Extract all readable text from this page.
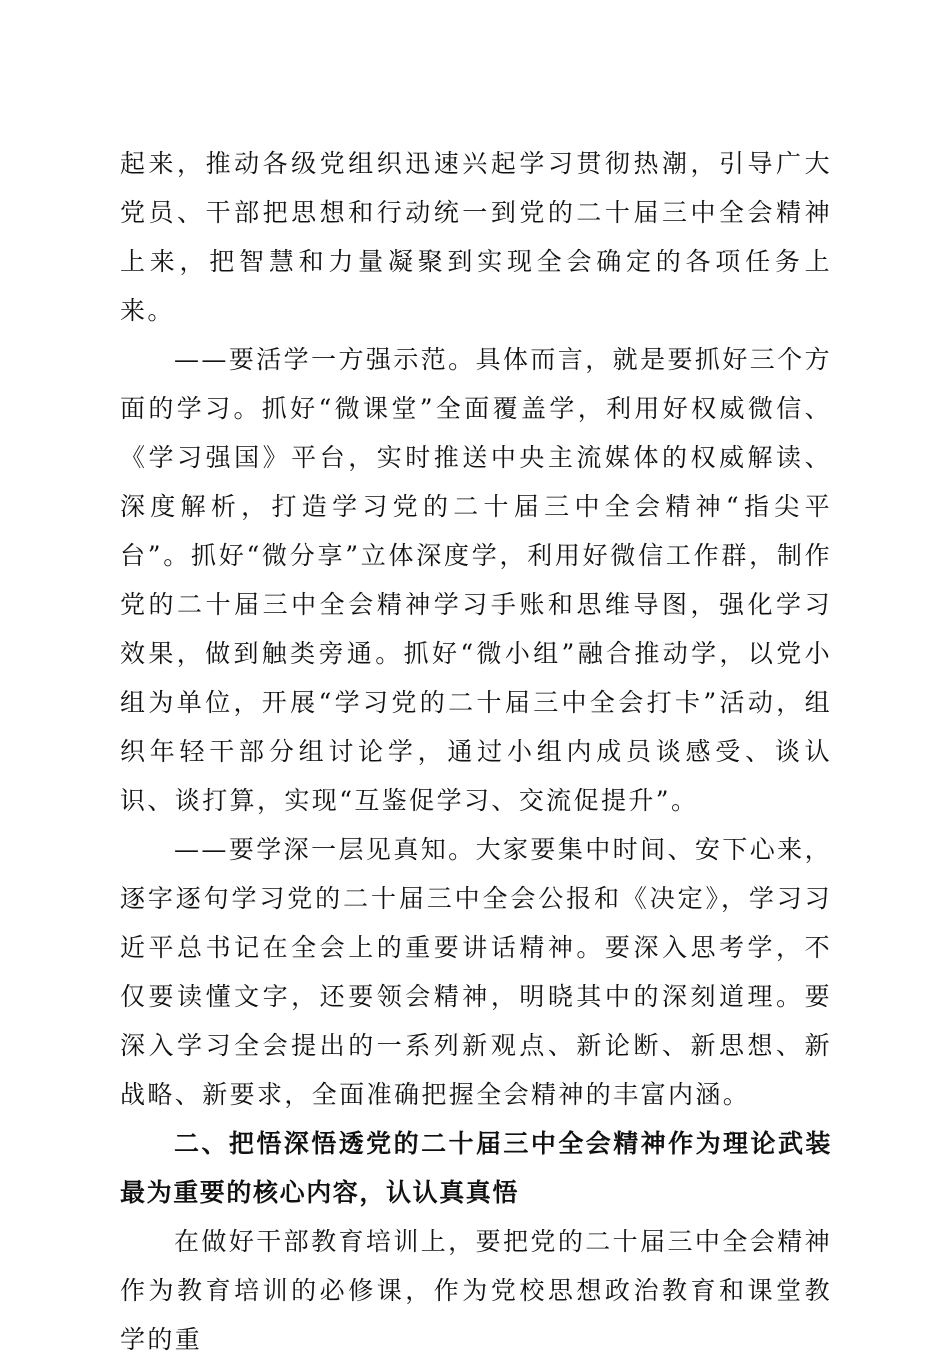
起来，推动各级党组织迅速兴起学习贯彻热潮，引导广大党员、干部把思想和行动统一到党的二十届三中全会精神上来，把智慧和力量凝聚到实现全会确定的各项任务上来。

——要活学一方强示范。具体而言，就是要抓好三个方面的学习。抓好“微课堂”全面覆盖学，利用好权威微信、《学习强国》平台，实时推送中央主流媒体的权威解读、深度解析，打造学习党的二十届三中全会精神“指尖平台”。抓好“微分享”立体深度学，利用好微信工作群，制作党的二十届三中全会精神学习手账和思维导图，强化学习效果，做到触类旁通。抓好“微小组”融合推动学，以党小组为单位，开展“学习党的二十届三中全会打卡”活动，组织年轻干部分组讨论学，通过小组内成员谈感受、谈认识、谈打算，实现“互鉴促学习、交流促提升”。

——要学深一层见真知。大家要集中时间、安下心来，逐字逐句学习党的二十届三中全会公报和《决定》，学习习近平总书记在全会上的重要讲话精神。要深入思考学，不仅要读懂文字，还要领会精神，明晓其中的深刻道理。要深入学习全会提出的一系列新观点、新论断、新思想、新战略、新要求，全面准确把握全会精神的丰富内涵。

二、把悟深悟透党的二十届三中全会精神作为理论武装最为重要的核心内容，认认真真悟

在做好干部教育培训上，要把党的二十届三中全会精神作为教育培训的必修课，作为党校思想政治教育和课堂教学的重
